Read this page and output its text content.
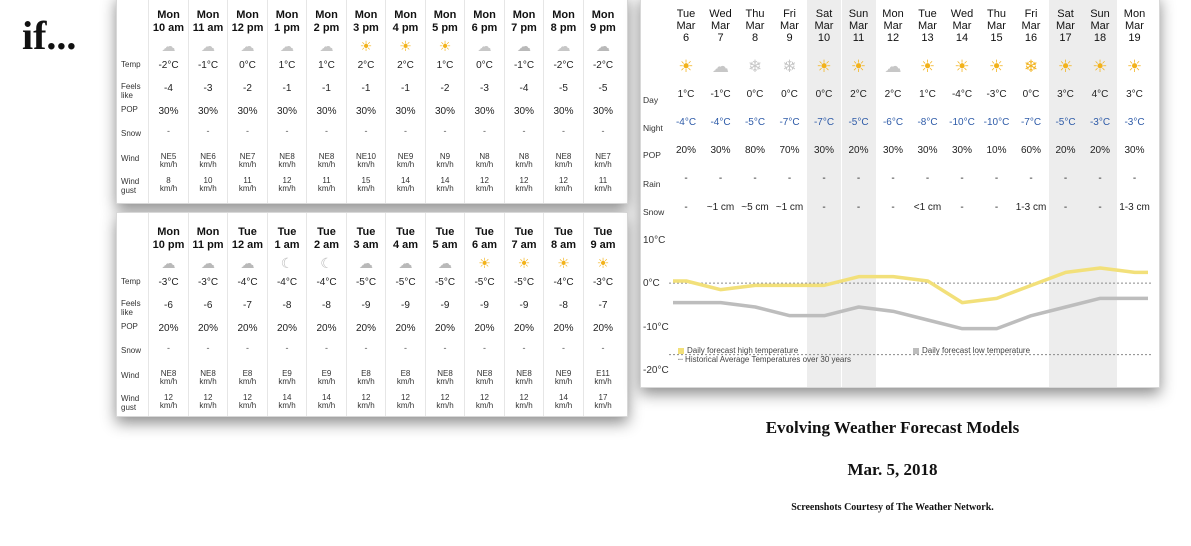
if...
Temp
Feels like
POP
Snow
Wind
Wind gust
Mon
10 am
☁
-2°C
-4
30%
-
NE5
km/h
8
km/h
Mon
11 am
☁
-1°C
-3
30%
-
NE6
km/h
10
km/h
Mon
12 pm
☁
0°C
-2
30%
-
NE7
km/h
11
km/h
Mon
1 pm
☁
1°C
-1
30%
-
NE8
km/h
12
km/h
Mon
2 pm
☁
1°C
-1
30%
-
NE8
km/h
11
km/h
Mon
3 pm
☀
2°C
-1
30%
-
NE10
km/h
15
km/h
Mon
4 pm
☀
2°C
-1
30%
-
NE9
km/h
14
km/h
Mon
5 pm
☀
1°C
-2
30%
-
N9
km/h
14
km/h
Mon
6 pm
☁
0°C
-3
30%
-
N8
km/h
12
km/h
Mon
7 pm
☁
-1°C
-4
30%
-
N8
km/h
12
km/h
Mon
8 pm
☁
-2°C
-5
30%
-
NE8
km/h
12
km/h
Mon
9 pm
☁
-2°C
-5
30%
-
NE7
km/h
11
km/h
Temp
Feels like
POP
Snow
Wind
Wind gust
Mon
10 pm
☁
-3°C
-6
20%
-
NE8
km/h
12
km/h
Mon
11 pm
☁
-3°C
-6
20%
-
NE8
km/h
12
km/h
Tue
12 am
☁
-4°C
-7
20%
-
E8
km/h
12
km/h
Tue
1 am
☾
-4°C
-8
20%
-
E9
km/h
14
km/h
Tue
2 am
☾
-4°C
-8
20%
-
E9
km/h
14
km/h
Tue
3 am
☁
-5°C
-9
20%
-
E8
km/h
12
km/h
Tue
4 am
☁
-5°C
-9
20%
-
E8
km/h
12
km/h
Tue
5 am
☁
-5°C
-9
20%
-
NE8
km/h
12
km/h
Tue
6 am
☀
-5°C
-9
20%
-
NE8
km/h
12
km/h
Tue
7 am
☀
-5°C
-9
20%
-
NE8
km/h
12
km/h
Tue
8 am
☀
-4°C
-8
20%
-
NE9
km/h
14
km/h
Tue
9 am
☀
-3°C
-7
20%
-
E11
km/h
17
km/h
Tue
Mar
6
☀
1°C
-4°C
20%
-
-
Wed
Mar
7
☁
-1°C
-4°C
30%
-
~1 cm
Thu
Mar
8
❄
0°C
-5°C
80%
-
~5 cm
Fri
Mar
9
❄
0°C
-7°C
70%
-
~1 cm
Sat
Mar
10
☀
0°C
-7°C
30%
-
-
Sun
Mar
11
☀
2°C
-5°C
20%
-
-
Mon
Mar
12
☁
2°C
-6°C
30%
-
-
Tue
Mar
13
☀
1°C
-8°C
30%
-
<1 cm
Wed
Mar
14
☀
-4°C
-10°C
30%
-
-
Thu
Mar
15
☀
-3°C
-10°C
10%
-
-
Fri
Mar
16
❄
0°C
-7°C
60%
-
1-3 cm
Sat
Mar
17
☀
3°C
-5°C
20%
-
-
Sun
Mar
18
☀
4°C
-3°C
20%
-
-
Mon
Mar
19
☀
3°C
-3°C
30%
-
1-3 cm
Day
Night
POP
Rain
Snow
10°C
0°C
-10°C
-20°C
Daily forecast high temperature	Daily forecast low temperature
┈ Historical Average Temperatures over 30 years
Evolving Weather Forecast Models
Mar. 5, 2018
Screenshots Courtesy of The Weather Network.
